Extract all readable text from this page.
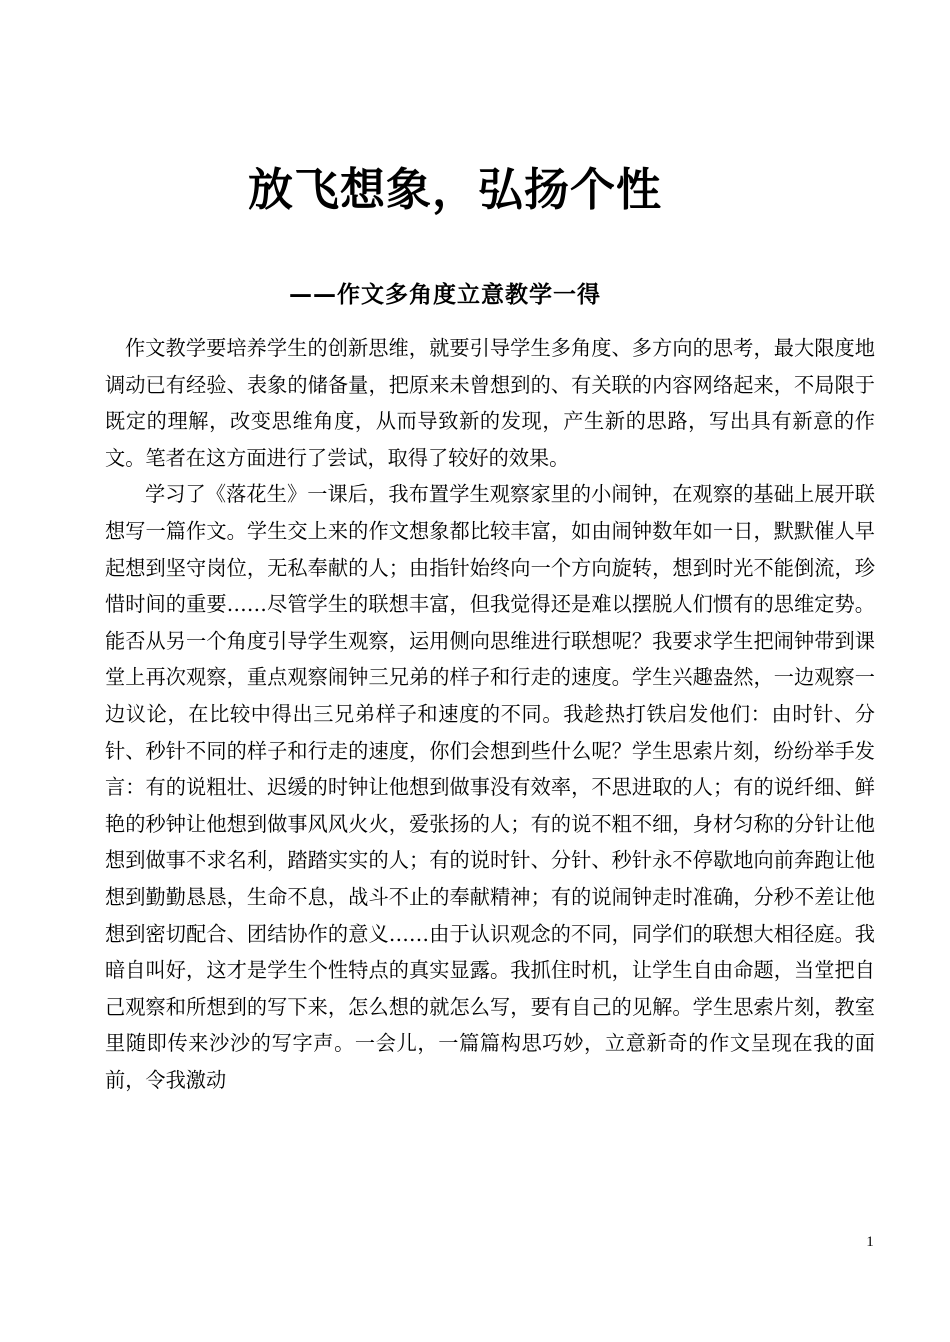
放飞想象，弘扬个性
——作文多角度立意教学一得

作文教学要培养学生的创新思维，就要引导学生多角度、多方向的思考，最大限度地调动已有经验、表象的储备量，把原来未曾想到的、有关联的内容网络起来，不局限于既定的理解，改变思维角度，从而导致新的发现，产生新的思路，写出具有新意的作文。笔者在这方面进行了尝试，取得了较好的效果。

学习了《落花生》一课后，我布置学生观察家里的小闹钟，在观察的基础上展开联想写一篇作文。学生交上来的作文想象都比较丰富，如由闹钟数年如一日，默默催人早起想到坚守岗位，无私奉献的人；由指针始终向一个方向旋转，想到时光不能倒流，珍惜时间的重要……尽管学生的联想丰富，但我觉得还是难以摆脱人们惯有的思维定势。能否从另一个角度引导学生观察，运用侧向思维进行联想呢？我要求学生把闹钟带到课堂上再次观察，重点观察闹钟三兄弟的样子和行走的速度。学生兴趣盎然，一边观察一边议论，在比较中得出三兄弟样子和速度的不同。我趁热打铁启发他们：由时针、分针、秒针不同的样子和行走的速度，你们会想到些什么呢？学生思索片刻，纷纷举手发言：有的说粗壮、迟缓的时钟让他想到做事没有效率，不思进取的人；有的说纤细、鲜艳的秒钟让他想到做事风风火火，爱张扬的人；有的说不粗不细，身材匀称的分针让他想到做事不求名利，踏踏实实的人；有的说时针、分针、秒针永不停歇地向前奔跑让他想到勤勤恳恳，生命不息，战斗不止的奉献精神；有的说闹钟走时准确，分秒不差让他想到密切配合、团结协作的意义……由于认识观念的不同，同学们的联想大相径庭。我暗自叫好，这才是学生个性特点的真实显露。我抓住时机，让学生自由命题，当堂把自己观察和所想到的写下来，怎么想的就怎么写，要有自己的见解。学生思索片刻，教室里随即传来沙沙的写字声。一会儿，一篇篇构思巧妙，立意新奇的作文呈现在我的面前，令我激动

1
